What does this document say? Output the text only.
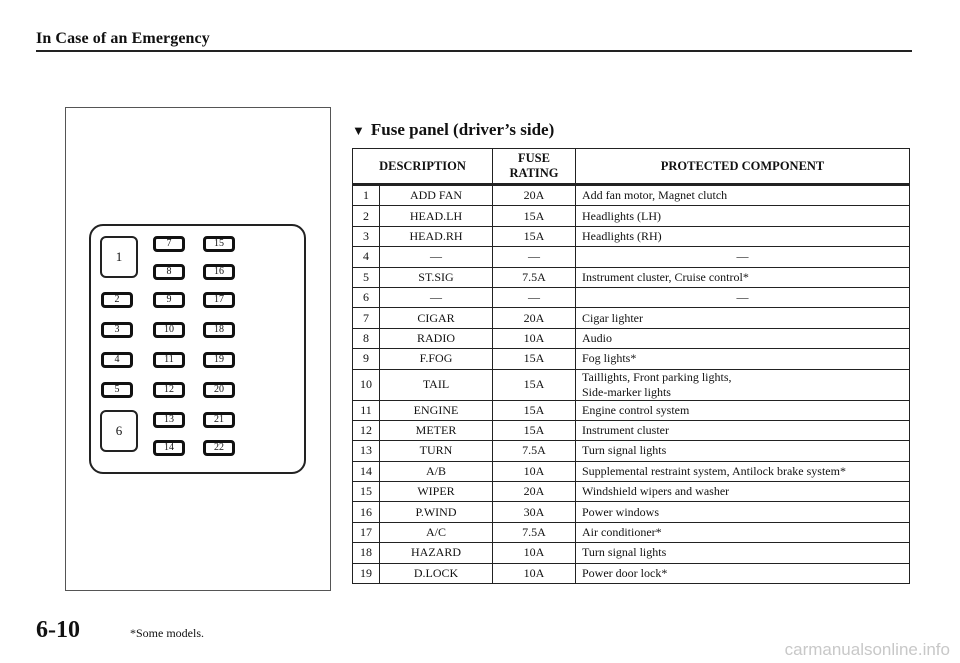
In Case of an Emergency
1
6
2
3
4
5
7
8
9
10
11
12
13
14
15
16
17
18
19
20
21
22
▼ Fuse panel (driver’s side)
DESCRIPTION		FUSE
RATING	PROTECTED COMPONENT
1	ADD FAN	20A	Add fan motor, Magnet clutch
2	HEAD.LH	15A	Headlights (LH)
3	HEAD.RH	15A	Headlights (RH)
4	—	—	—
5	ST.SIG	7.5A	Instrument cluster, Cruise control*
6	—	—	—
7	CIGAR	20A	Cigar lighter
8	RADIO	10A	Audio
9	F.FOG	15A	Fog lights*
10	TAIL	15A	Taillights, Front parking lights,
Side-marker lights
11	ENGINE	15A	Engine control system
12	METER	15A	Instrument cluster
13	TURN	7.5A	Turn signal lights
14	A/B	10A	Supplemental restraint system, Antilock brake system*
15	WIPER	20A	Windshield wipers and washer
16	P.WIND	30A	Power windows
17	A/C	7.5A	Air conditioner*
18	HAZARD	10A	Turn signal lights
19	D.LOCK	10A	Power door lock*
6-10	*Some models.
carmanualsonline.info
